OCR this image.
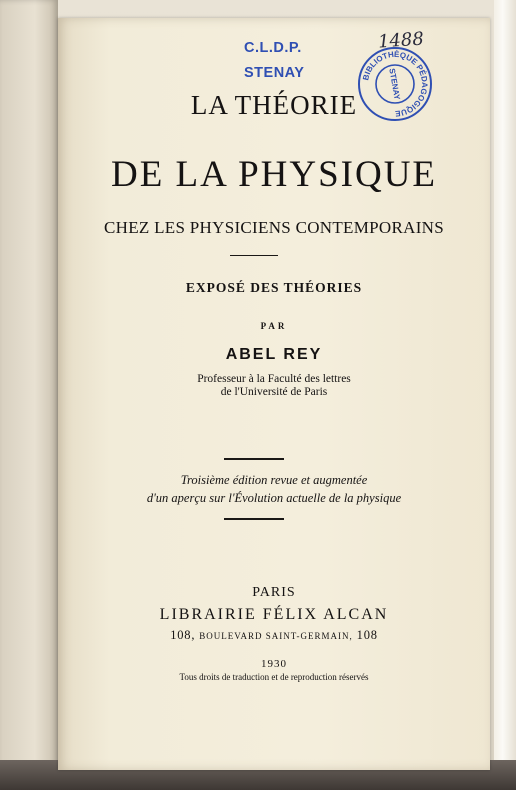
C.L.D.P.
STENAY
1488
BIBLIOTHÈQUE PÉDAGOGIQUE
STENAY
LA THÉORIE
DE LA PHYSIQUE
CHEZ LES PHYSICIENS CONTEMPORAINS
EXPOSÉ DES THÉORIES
PAR
ABEL REY
Professeur à la Faculté des lettres
de l'Université de Paris
Troisième édition revue et augmentée
d'un aperçu sur l'Évolution actuelle de la physique
PARIS
LIBRAIRIE FÉLIX ALCAN
108, BOULEVARD SAINT-GERMAIN, 108
1930
Tous droits de traduction et de reproduction réservés
